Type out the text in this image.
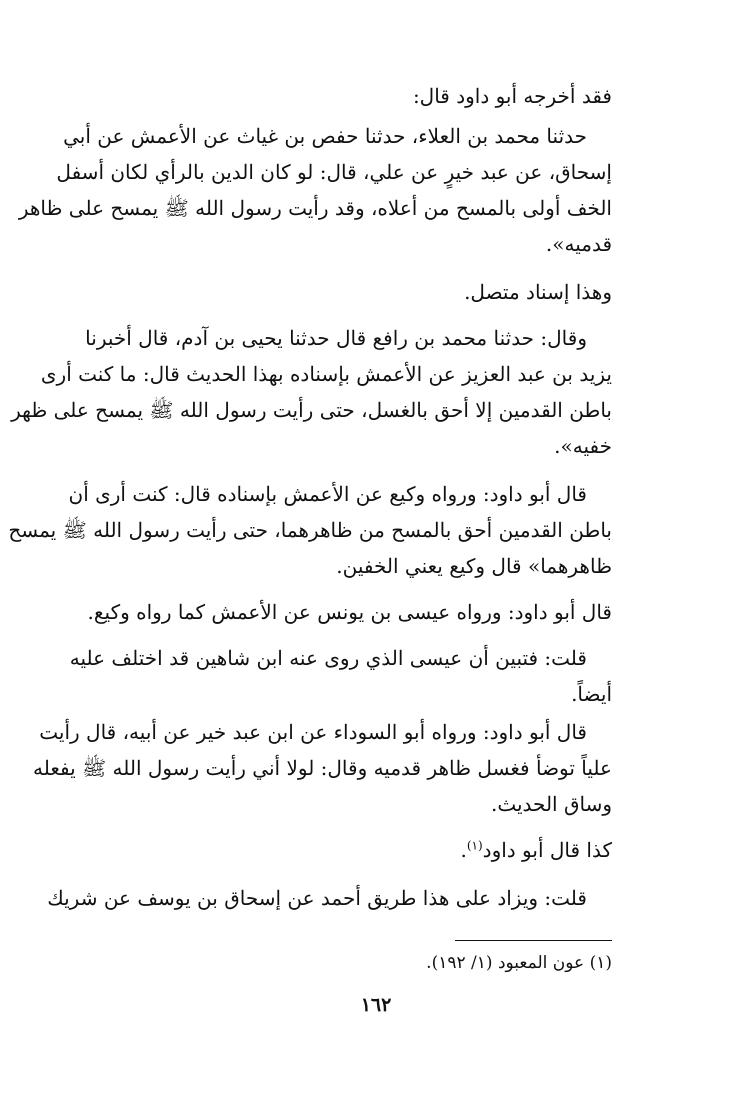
فقد أخرجه أبو داود قال:
حدثنا محمد بن العلاء، حدثنا حفص بن غياث عن الأعمش عن أبي
إسحاق، عن عبد خيرٍ عن علي، قال: لو كان الدين بالرأي لكان أسفل
الخف أولى بالمسح من أعلاه، وقد رأيت رسول الله ﷺ يمسح على ظاهر
قدميه».
وهذا إسناد متصل.
وقال: حدثنا محمد بن رافع قال حدثنا يحيى بن آدم، قال أخبرنا
يزيد بن عبد العزيز عن الأعمش بإسناده بهذا الحديث قال: ما كنت أرى
باطن القدمين إلا أحق بالغسل، حتى رأيت رسول الله ﷺ يمسح على ظهر
خفيه».
قال أبو داود: ورواه وكيع عن الأعمش بإسناده قال: كنت أرى أن
باطن القدمين أحق بالمسح من ظاهرهما، حتى رأيت رسول الله ﷺ يمسح
ظاهرهما» قال وكيع يعني الخفين.
قال أبو داود: ورواه عيسى بن يونس عن الأعمش كما رواه وكيع.
قلت: فتبين أن عيسى الذي روى عنه ابن شاهين قد اختلف عليه
أيضاً.
قال أبو داود: ورواه أبو السوداء عن ابن عبد خير عن أبيه، قال رأيت
علياً توضأ فغسل ظاهر قدميه وقال: لولا أني رأيت رسول الله ﷺ يفعله
وساق الحديث.
كذا قال أبو داود$^{(١)}$.
قلت: ويزاد على هذا طريق أحمد عن إسحاق بن يوسف عن شريك
(١) عون المعبود (١/ ١٩٢).
١٦٢
